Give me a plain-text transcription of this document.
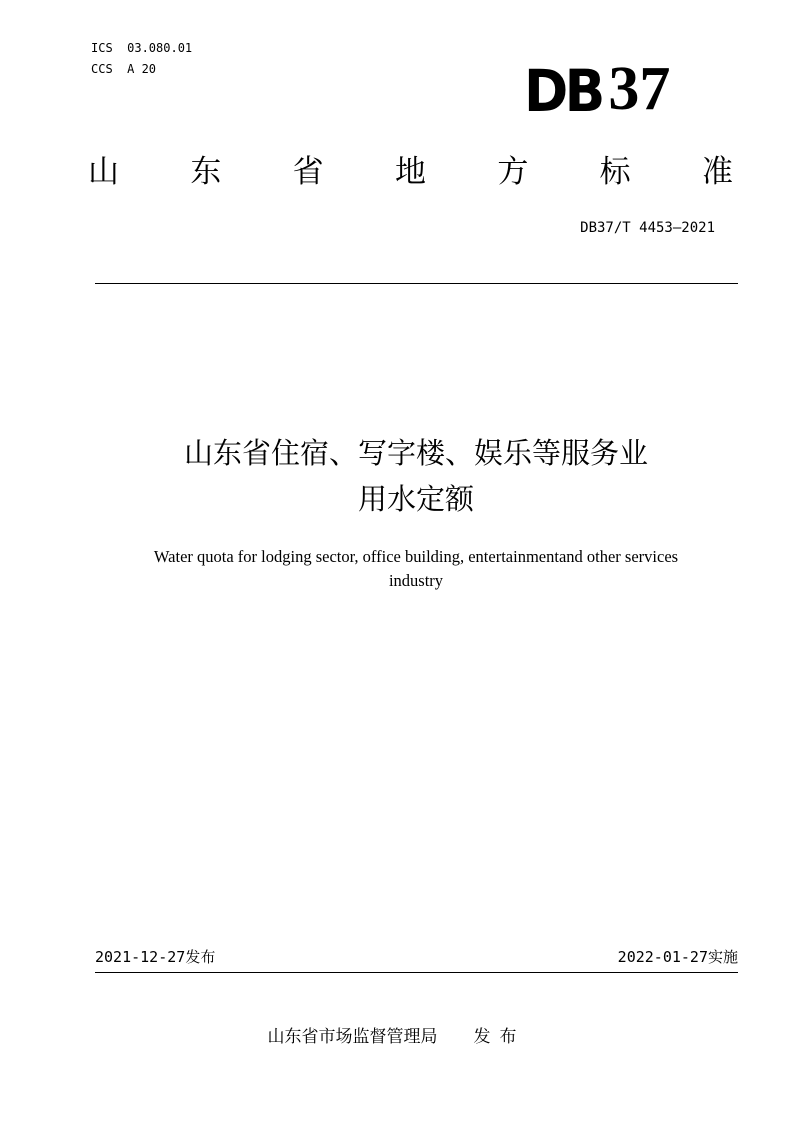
ICS  03.080.01
CCS  A 20	DB 37
山 东 省 地 方 标 准
DB37/T 4453—2021
山东省住宿、写字楼、娱乐等服务业
用水定额
Water quota for lodging sector, office building, entertainmentand other services
industry
2021-12-27发布	2022-01-27实施
山东省市场监督管理局 发布
